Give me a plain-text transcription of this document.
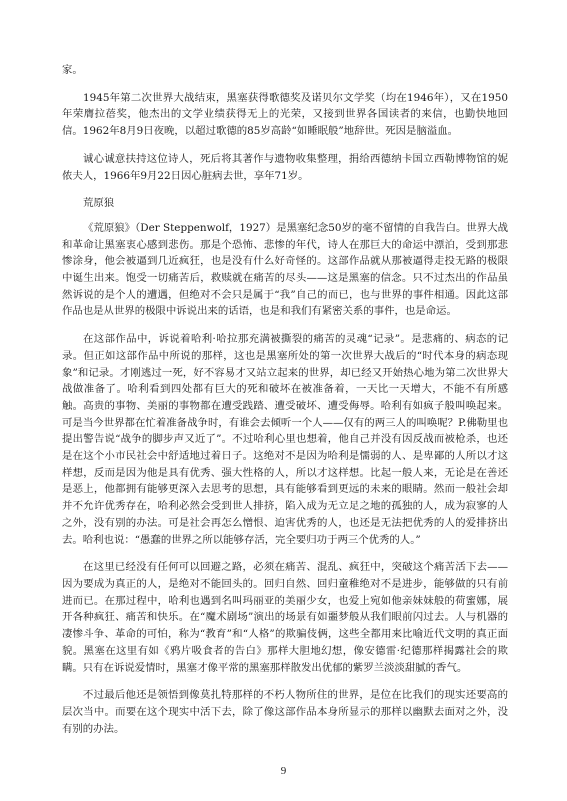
家。

1945年第二次世界大战结束，黑塞获得歌德奖及诺贝尔文学奖（均在1946年），又在1950年荣膺拉蓓奖，他杰出的文学业绩获得无上的光荣，又接到世界各国读者的来信，也勤快地回信。1962年8月9日夜晚，以超过歌德的85岁高龄“如睡眠般”地辞世。死因是脑溢血。

诚心诚意扶持这位诗人，死后将其著作与遗物收集整理，捐给西德纳卡国立西勒博物馆的妮侬夫人，1966年9月22日因心脏病去世，享年71岁。

荒原狼

《荒原狼》（Der Steppenwolf，1927）是黑塞纪念50岁的毫不留情的自我告白。世界大战和革命让黑塞衷心感到悲伤。那是个恐怖、悲惨的年代，诗人在那巨大的命运中漂泊，受到那悲惨涂身，他会被逼到几近疯狂，也是没有什么好奇怪的。这部作品就从那被逼得走投无路的极限中诞生出来。饱受一切痛苦后，救赎就在痛苦的尽头——这是黑塞的信念。只不过杰出的作品虽然诉说的是个人的遭遇，但绝对不会只是属于“我”自己的而已，也与世界的事件相通。因此这部作品也是从世界的极限中诉说出来的话语，也是和我们有紧密关系的事件，也是命运。

在这部作品中，诉说着哈利·哈拉那充满被撕裂的痛苦的灵魂“记录”。是悲痛的、病态的记录。但正如这部作品中所说的那样，这也是黑塞所处的第一次世界大战后的“时代本身的病态现象”和记录。才刚逃过一死，好不容易才又站立起来的世界，却已经又开始热心地为第二次世界大战做准备了。哈利看到四处都有巨大的死和破坏在被准备着，一天比一天增大，不能不有所感触。高贵的事物、美丽的事物都在遭受践踏、遭受破坏、遭受侮辱。哈利有如疯子般叫唤起来。可是当今世界都在忙着准备战争时，有谁会去倾听一个人——仅有的两三人的叫唤呢？P.佛勒里也提出警告说“战争的脚步声又近了”。不过哈利心里也想着，他自己并没有因反战而被枪杀，也还是在这个小市民社会中舒适地过着日子。这绝对不是因为哈利是懦弱的人、是卑鄙的人所以才这样想，反而是因为他是具有优秀、强大性格的人，所以才这样想。比起一般人来，无论是在善还是恶上，他都拥有能够更深入去思考的思想，具有能够看到更远的未来的眼睛。然而一般社会却并不允许优秀存在，哈利必然会受到世人排挤，陷入成为无立足之地的孤独的人，成为寂寥的人之外，没有别的办法。可是社会再怎么憎恨、迫害优秀的人，也还是无法把优秀的人的爱排挤出去。哈利也说：“愚蠢的世界之所以能够存活，完全要归功于两三个优秀的人。”

在这里已经没有任何可以回避之路，必须在痛苦、混乱、疯狂中，突破这个痛苦活下去——因为要成为真正的人，是绝对不能回头的。回归自然、回归童稚绝对不是进步，能够做的只有前进而已。在那过程中，哈利也遇到名叫玛丽亚的美丽少女，也爱上宛如他亲妹妹般的荷蜜娜，展开各种疯狂、痛苦和快乐。在“魔术剧场”演出的场景有如噩梦般从我们眼前闪过去。人与机器的凄惨斗争、革命的可怕，称为“教育”和“人格”的欺骗伎俩，这些全都用来比喻近代文明的真正面貌。黑塞在这里有如《鸦片吸食者的告白》那样大胆地幻想，像安德雷·纪德那样揭露社会的欺瞒。只有在诉说爱情时，黑塞才像平常的黑塞那样散发出优郁的紫罗兰淡淡甜腻的香气。

不过最后他还是领悟到像莫扎特那样的不朽人物所住的世界，是位在比我们的现实还要高的层次当中。而要在这个现实中活下去，除了像这部作品本身所显示的那样以幽默去面对之外，没有别的办法。

9
